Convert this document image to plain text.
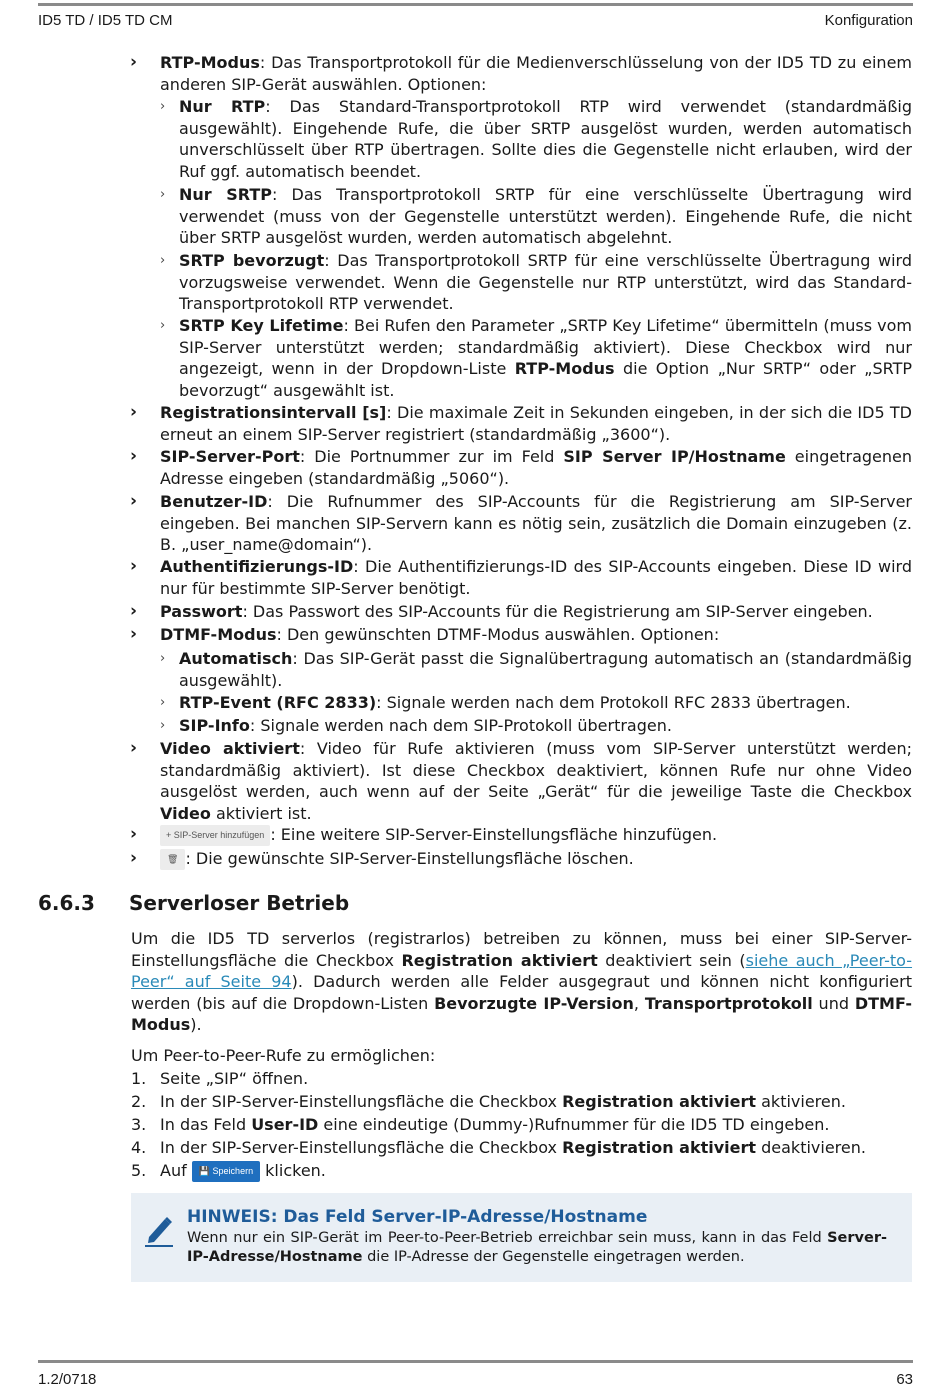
ID5 TD / ID5 TD CM	Konfiguration
› RTP-Modus: Das Transportprotokoll für die Medienverschlüsselung von der ID5 TD zu einem anderen SIP-Gerät auswählen. Optionen:
› Nur RTP: Das Standard-Transportprotokoll RTP wird verwendet (standardmäßig ausgewählt). Eingehende Rufe, die über SRTP ausgelöst wurden, werden automatisch unverschlüsselt über RTP übertragen. Sollte dies die Gegenstelle nicht erlauben, wird der Ruf ggf. automatisch beendet.
› Nur SRTP: Das Transportprotokoll SRTP für eine verschlüsselte Übertragung wird verwendet (muss von der Gegenstelle unterstützt werden). Eingehende Rufe, die nicht über SRTP ausgelöst wurden, werden automatisch abgelehnt.
› SRTP bevorzugt: Das Transportprotokoll SRTP für eine verschlüsselte Übertragung wird vorzugsweise verwendet. Wenn die Gegenstelle nur RTP unterstützt, wird das Standard-Transportprotokoll RTP verwendet.
› SRTP Key Lifetime: Bei Rufen den Parameter „SRTP Key Lifetime“ übermitteln (muss vom SIP-Server unterstützt werden; standardmäßig aktiviert). Diese Checkbox wird nur angezeigt, wenn in der Dropdown-Liste RTP-Modus die Option „Nur SRTP“ oder „SRTP bevorzugt“ ausgewählt ist.
› Registrationsintervall [s]: Die maximale Zeit in Sekunden eingeben, in der sich die ID5 TD erneut an einem SIP-Server registriert (standardmäßig „3600“).
› SIP-Server-Port: Die Portnummer zur im Feld SIP Server IP/Hostname eingetragenen Adresse eingeben (standardmäßig „5060“).
› Benutzer-ID: Die Rufnummer des SIP-Accounts für die Registrierung am SIP-Server eingeben. Bei manchen SIP-Servern kann es nötig sein, zusätzlich die Domain einzugeben (z. B. „user_name@domain“).
› Authentifizierungs-ID: Die Authentifizierungs-ID des SIP-Accounts eingeben. Diese ID wird nur für bestimmte SIP-Server benötigt.
› Passwort: Das Passwort des SIP-Accounts für die Registrierung am SIP-Server eingeben.
› DTMF-Modus: Den gewünschten DTMF-Modus auswählen. Optionen:
› Automatisch: Das SIP-Gerät passt die Signalübertragung automatisch an (standardmäßig ausgewählt).
› RTP-Event (RFC 2833): Signale werden nach dem Protokoll RFC 2833 übertragen.
› SIP-Info: Signale werden nach dem SIP-Protokoll übertragen.
› Video aktiviert: Video für Rufe aktivieren (muss vom SIP-Server unterstützt werden; standardmäßig aktiviert). Ist diese Checkbox deaktiviert, können Rufe nur ohne Video ausgelöst werden, auch wenn auf der Seite „Gerät“ für die jeweilige Taste die Checkbox Video aktiviert ist.
›	+ SIP-Server hinzufügen : Eine weitere SIP-Server-Einstellungsfläche hinzufügen.
›	🗑 : Die gewünschte SIP-Server-Einstellungsfläche löschen.
6.6.3 Serverloser Betrieb
Um die ID5 TD serverlos (registrarlos) betreiben zu können, muss bei einer SIP-Server-Einstellungsfläche die Checkbox Registration aktiviert deaktiviert sein (siehe auch „Peer-to-Peer“ auf Seite 94). Dadurch werden alle Felder ausgegraut und können nicht konfiguriert werden (bis auf die Dropdown-Listen Bevorzugte IP-Version, Transportprotokoll und DTMF-Modus).
Um Peer-to-Peer-Rufe zu ermöglichen:
1. Seite „SIP“ öffnen.
2. In der SIP-Server-Einstellungsfläche die Checkbox Registration aktiviert aktivieren.
3. In das Feld User-ID eine eindeutige (Dummy-)Rufnummer für die ID5 TD eingeben.
4. In der SIP-Server-Einstellungsfläche die Checkbox Registration aktiviert deaktivieren.
5. Auf 💾 Speichern klicken.
HINWEIS: Das Feld Server-IP-Adresse/Hostname
Wenn nur ein SIP-Gerät im Peer-to-Peer-Betrieb erreichbar sein muss, kann in das Feld Server-IP-Adresse/Hostname die IP-Adresse der Gegenstelle eingetragen werden.
1.2/0718	63
